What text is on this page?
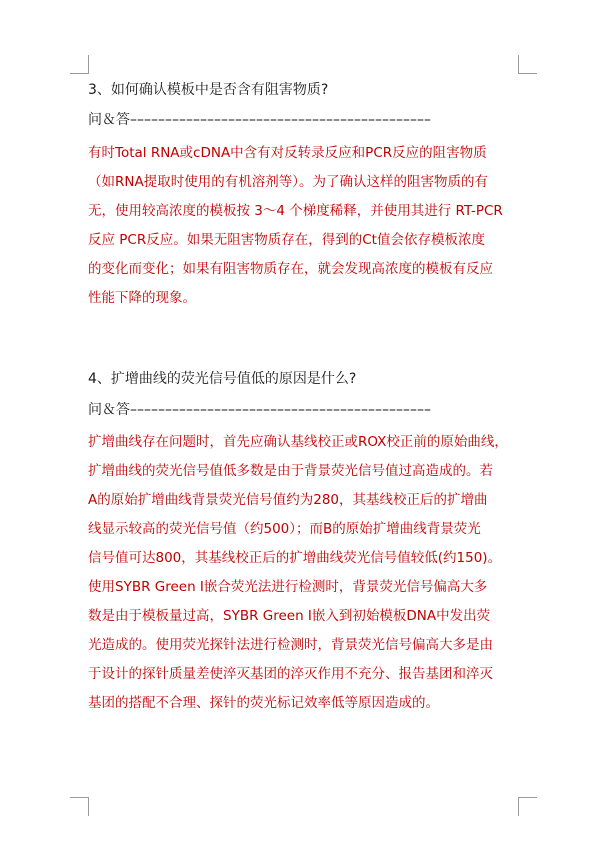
3、如何确认模板中是否含有阻害物质?
问＆答–––––––––––––––––––––––––––––––––––––––––––
有时Total RNA或cDNA中含有对反转录反应和PCR反应的阻害物质
（如RNA提取时使用的有机溶剂等）。为了确认这样的阻害物质的有
无，使用较高浓度的模板按 3～4 个梯度稀释，并使用其进行 RT-PCR
反应 PCR反应。如果无阻害物质存在，得到的Ct值会依存模板浓度
的变化而变化；如果有阻害物质存在，就会发现高浓度的模板有反应
性能下降的现象。
4、扩增曲线的荧光信号值低的原因是什么?
问＆答–––––––––––––––––––––––––––––––––––––––––––
扩增曲线存在问题时，首先应确认基线校正或ROX校正前的原始曲线，
扩增曲线的荧光信号值低多数是由于背景荧光信号值过高造成的。若
A的原始扩增曲线背景荧光信号值约为280，其基线校正后的扩增曲
线显示较高的荧光信号值（约500）；而B的原始扩增曲线背景荧光
信号值可达800，其基线校正后的扩增曲线荧光信号值较低(约150)。
使用SYBR Green Ⅰ嵌合荧光法进行检测时，背景荧光信号偏高大多
数是由于模板量过高，SYBR Green Ⅰ嵌入到初始模板DNA中发出荧
光造成的。使用荧光探针法进行检测时，背景荧光信号偏高大多是由
于设计的探针质量差使淬灭基团的淬灭作用不充分、报告基团和淬灭
基团的搭配不合理、探针的荧光标记效率低等原因造成的。
